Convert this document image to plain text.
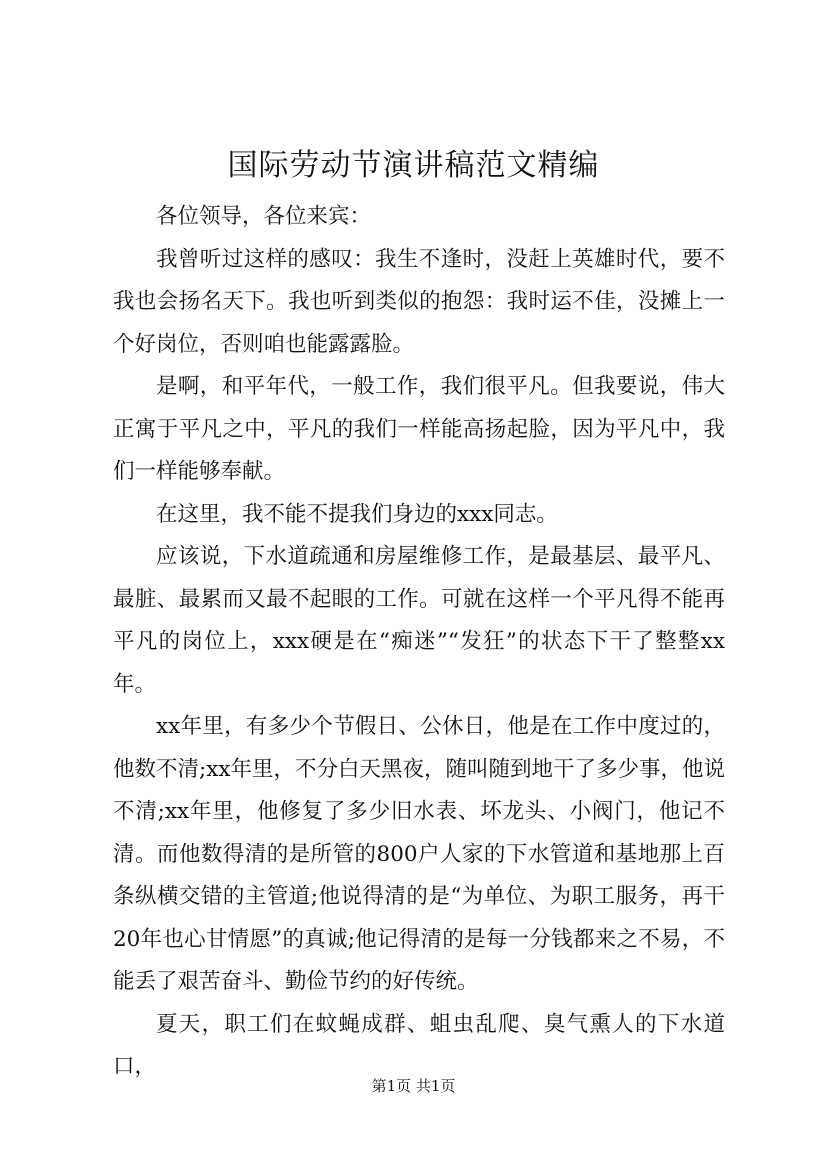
国际劳动节演讲稿范文精编

各位领导，各位来宾：

我曾听过这样的感叹：我生不逢时，没赶上英雄时代，要不我也会扬名天下。我也听到类似的抱怨：我时运不佳，没摊上一个好岗位，否则咱也能露露脸。

是啊，和平年代，一般工作，我们很平凡。但我要说，伟大正寓于平凡之中，平凡的我们一样能高扬起脸，因为平凡中，我们一样能够奉献。

在这里，我不能不提我们身边的xxx同志。

应该说，下水道疏通和房屋维修工作，是最基层、最平凡、最脏、最累而又最不起眼的工作。可就在这样一个平凡得不能再平凡的岗位上，xxx硬是在“痴迷”“发狂”的状态下干了整整xx年。

xx年里，有多少个节假日、公休日，他是在工作中度过的，他数不清;xx年里，不分白天黑夜，随叫随到地干了多少事，他说不清;xx年里，他修复了多少旧水表、坏龙头、小阀门，他记不清。而他数得清的是所管的800户人家的下水管道和基地那上百条纵横交错的主管道;他说得清的是“为单位、为职工服务，再干20年也心甘情愿”的真诚;他记得清的是每一分钱都来之不易，不能丢了艰苦奋斗、勤俭节约的好传统。

夏天，职工们在蚊蝇成群、蛆虫乱爬、臭气熏人的下水道口，

第1页 共1页
